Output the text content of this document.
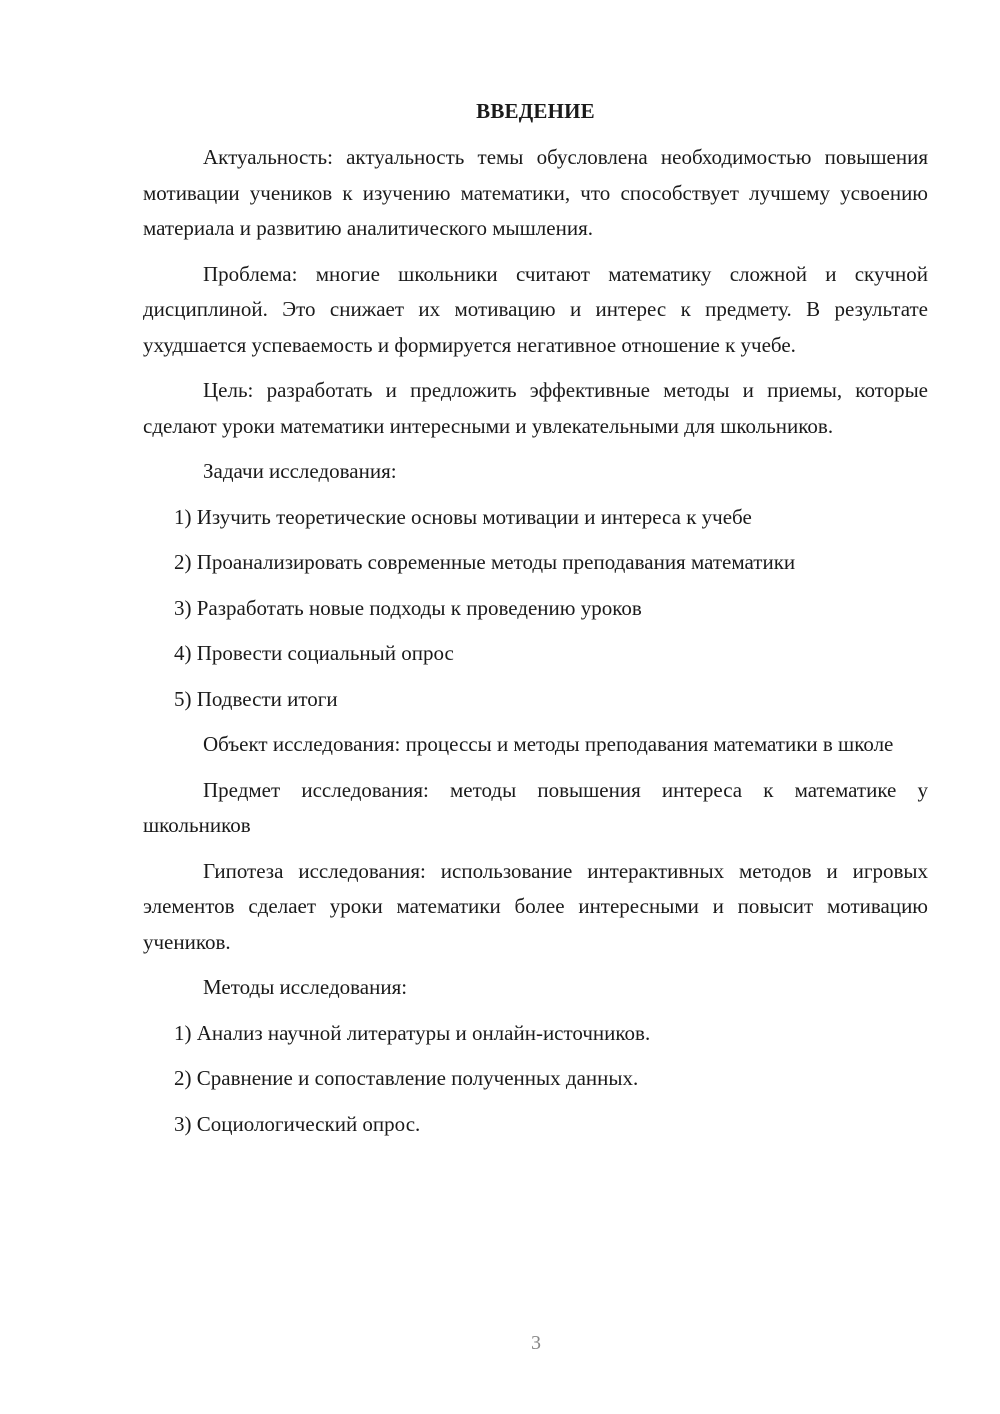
ВВЕДЕНИЕ

Актуальность: актуальность темы обусловлена необходимостью повышения мотивации учеников к изучению математики, что способствует лучшему усвоению материала и развитию аналитического мышления.

Проблема: многие школьники считают математику сложной и скучной дисциплиной. Это снижает их мотивацию и интерес к предмету. В результате ухудшается успеваемость и формируется негативное отношение к учебе.

Цель: разработать и предложить эффективные методы и приемы, которые сделают уроки математики интересными и увлекательными для школьников.

Задачи исследования:

1) Изучить теоретические основы мотивации и интереса к учебе

2) Проанализировать современные методы преподавания математики

3) Разработать новые подходы к проведению уроков

4) Провести социальный опрос

5) Подвести итоги

Объект исследования: процессы и методы преподавания математики в школе

Предмет исследования: методы повышения интереса к математике у школьников

Гипотеза исследования: использование интерактивных методов и игровых элементов сделает уроки математики более интересными и повысит мотивацию учеников.

Методы исследования:

1) Анализ научной литературы и онлайн-источников.

2) Сравнение и сопоставление полученных данных.

3) Социологический опрос.

3
